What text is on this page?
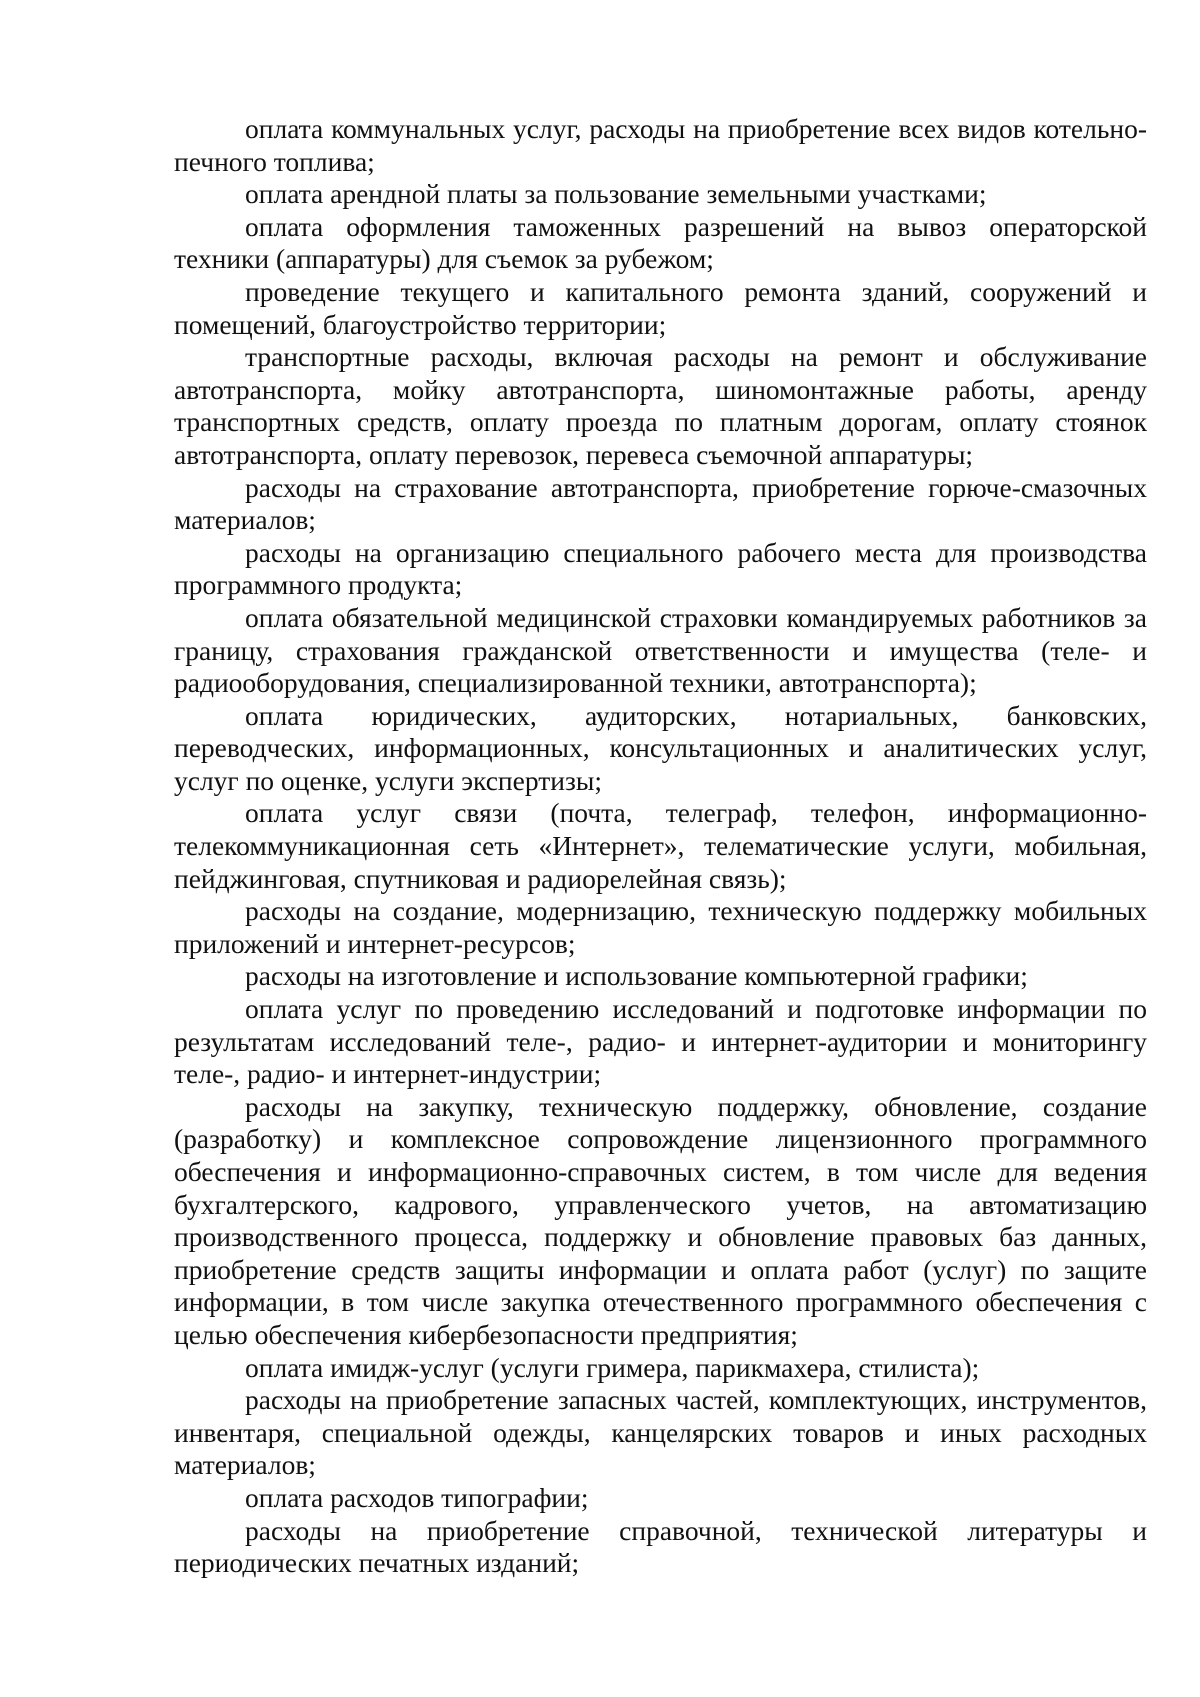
оплата коммунальных услуг, расходы на приобретение всех видов котельно-печного топлива;

оплата арендной платы за пользование земельными участками;

оплата оформления таможенных разрешений на вывоз операторской техники (аппаратуры) для съемок за рубежом;

проведение текущего и капитального ремонта зданий, сооружений и помещений, благоустройство территории;

транспортные расходы, включая расходы на ремонт и обслуживание автотранспорта, мойку автотранспорта, шиномонтажные работы, аренду транспортных средств, оплату проезда по платным дорогам, оплату стоянок автотранспорта, оплату перевозок, перевеса съемочной аппаратуры;

расходы на страхование автотранспорта, приобретение горюче-смазочных материалов;

расходы на организацию специального рабочего места для производства программного продукта;

оплата обязательной медицинской страховки командируемых работников за границу, страхования гражданской ответственности и имущества (теле- и радиооборудования, специализированной техники, автотранспорта);

оплата юридических, аудиторских, нотариальных, банковских, переводческих, информационных, консультационных и аналитических услуг, услуг по оценке, услуги экспертизы;

оплата услуг связи (почта, телеграф, телефон, информационно-телекоммуникационная сеть «Интернет», телематические услуги, мобильная, пейджинговая, спутниковая и радиорелейная связь);

расходы на создание, модернизацию, техническую поддержку мобильных приложений и интернет-ресурсов;

расходы на изготовление и использование компьютерной графики;

оплата услуг по проведению исследований и подготовке информации по результатам исследований теле-, радио- и интернет-аудитории и мониторингу теле-, радио- и интернет-индустрии;

расходы на закупку, техническую поддержку, обновление, создание (разработку) и комплексное сопровождение лицензионного программного обеспечения и информационно-справочных систем, в том числе для ведения бухгалтерского, кадрового, управленческого учетов, на автоматизацию производственного процесса, поддержку и обновление правовых баз данных, приобретение средств защиты информации и оплата работ (услуг) по защите информации, в том числе закупка отечественного программного обеспечения с целью обеспечения кибербезопасности предприятия;

оплата имидж-услуг (услуги гримера, парикмахера, стилиста);

расходы на приобретение запасных частей, комплектующих, инструментов, инвентаря, специальной одежды, канцелярских товаров и иных расходных материалов;

оплата расходов типографии;

расходы на приобретение справочной, технической литературы и периодических печатных изданий;
